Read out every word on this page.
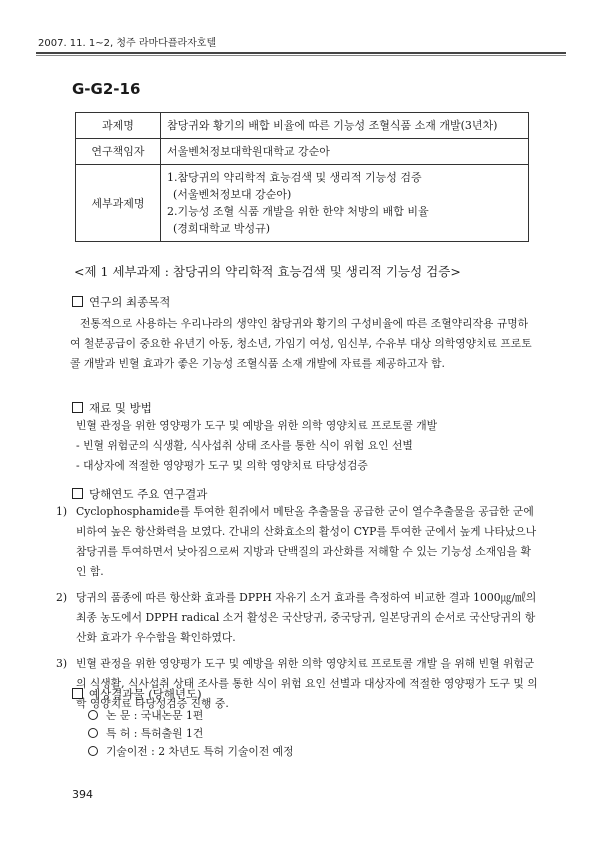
2007. 11. 1~2, 청주 라마다플라자호텔
G-G2-16
과제명	참당귀와 황기의 배합 비율에 따른 기능성 조혈식품 소재 개발(3년차)
연구책임자	서울벤처정보대학원대학교 강순아
세부과제명	1.참당귀의 약리학적 효능검색 및 생리적 기능성 검증
(서울벤처정보대 강순아)
2.기능성 조혈 식품 개발을 위한 한약 처방의 배합 비율
(경희대학교 박성규)
<제 1 세부과제 : 참당귀의 약리학적 효능검색 및 생리적 기능성 검증>
연구의 최종목적

전통적으로 사용하는 우리나라의 생약인 참당귀와 황기의 구성비율에 따른 조혈약리작용 규명하여 철분공급이 중요한 유년기 아동, 청소년, 가임기 여성, 임신부, 수유부 대상 의학영양치료 프로토콜 개발과 빈혈 효과가 좋은 기능성 조혈식품 소재 개발에 자료를 제공하고자 함.

재료 및 방법
빈혈 관정을 위한 영양평가 도구 및 예방을 위한 의학 영양치료 프로토콜 개발
- 빈혈 위험군의 식생활, 식사섭취 상태 조사를 통한 식이 위험 요인 선별
- 대상자에 적절한 영양평가 도구 및 의학 영양치료 타당성검증
당해연도 주요 연구결과
1) Cyclophosphamide를 투여한 흰쥐에서 메탄올 추출물을 공급한 군이 열수추출물을 공급한 군에 비하여 높은 항산화력을 보였다. 간내의 산화효소의 활성이 CYP를 투여한 군에서 높게 나타났으나 참당귀를 투여하면서 낮아짐으로써 지방과 단백질의 과산화를 저해할 수 있는 기능성 소재임을 확인 함.
2) 당귀의 품종에 따른 항산화 효과를 DPPH 자유기 소거 효과를 측정하여 비교한 결과 1000㎍/㎖의 최종 농도에서 DPPH radical 소거 활성은 국산당귀, 중국당귀, 일본당귀의 순서로 국산당귀의 항산화 효과가 우수함을 확인하였다.
3) 빈혈 관정을 위한 영양평가 도구 및 예방을 위한 의학 영양치료 프로토콜 개발 을 위해 빈혈 위험군의 식생활, 식사섭취 상태 조사를 통한 식이 위험 요인 선별과 대상자에 적절한 영양평가 도구 및 의학 영양치료 타당성검증 진행 중.
예상결과물 (당해년도)
논 문 : 국내논문 1편
특 허 : 특허출원 1건
기술이전 : 2 차년도 특허 기술이전 예정
394
